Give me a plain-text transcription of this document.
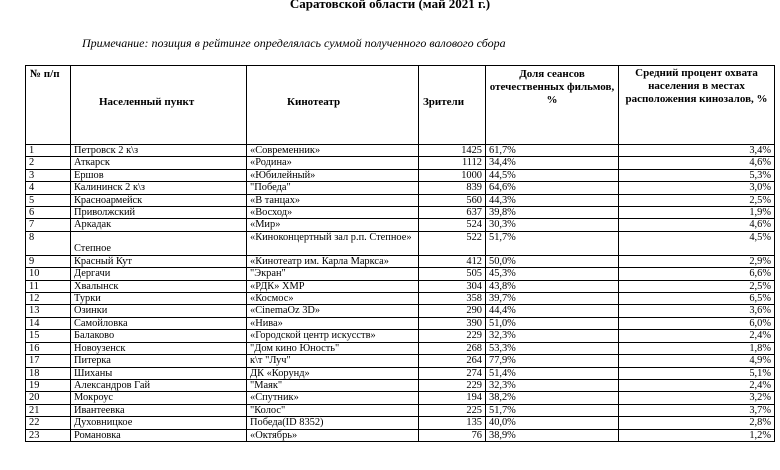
Саратовской области (май 2021 г.)
Примечание: позиция в рейтинге определялась суммой полученного валового сбора
№ п/п	Населенный пункт	Кинотеатр	Зрители	Доля сеансов отечественных фильмов, %	Средний процент охвата населения в местах расположения кинозалов, %

1	Петровск 2 к\з	«Современник»	1425	61,7%	3,4%
2	Аткарск	«Родина»	1112	34,4%	4,6%
3	Ершов	«Юбилейный»	1000	44,5%	5,3%
4	Калининск 2 к\з	"Победа"	839	64,6%	3,0%
5	Красноармейск	«В танцах»	560	44,3%	2,5%
6	Приволжский	«Восход»	637	39,8%	1,9%
7	Аркадак	«Мир»	524	30,3%	4,6%
8	Степное	«Киноконцертный зал р.п. Степное»	522	51,7%	4,5%
9	Красный Кут	«Кинотеатр им. Карла Маркса»	412	50,0%	2,9%
10	Дергачи	"Экран"	505	45,3%	6,6%
11	Хвалынск	«РДК» ХМР	304	43,8%	2,5%
12	Турки	«Космос»	358	39,7%	6,5%
13	Озинки	«CinemaOz 3D»	290	44,4%	3,6%
14	Самойловка	«Нива»	390	51,0%	6,0%
15	Балаково	«Городской центр искусств»	229	32,3%	2,4%
16	Новоузенск	"Дом кино Юность"	268	53,3%	1,8%
17	Питерка	к\т "Луч"	264	77,9%	4,9%
18	Шиханы	ДК «Корунд»	274	51,4%	5,1%
19	Александров Гай	"Маяк"	229	32,3%	2,4%
20	Мокроус	«Спутник»	194	38,2%	3,2%
21	Ивантеевка	"Колос"	225	51,7%	3,7%
22	Духовницкое	Победа(ID 8352)	135	40,0%	2,8%
23	Романовка	«Октябрь»	76	38,9%	1,2%
